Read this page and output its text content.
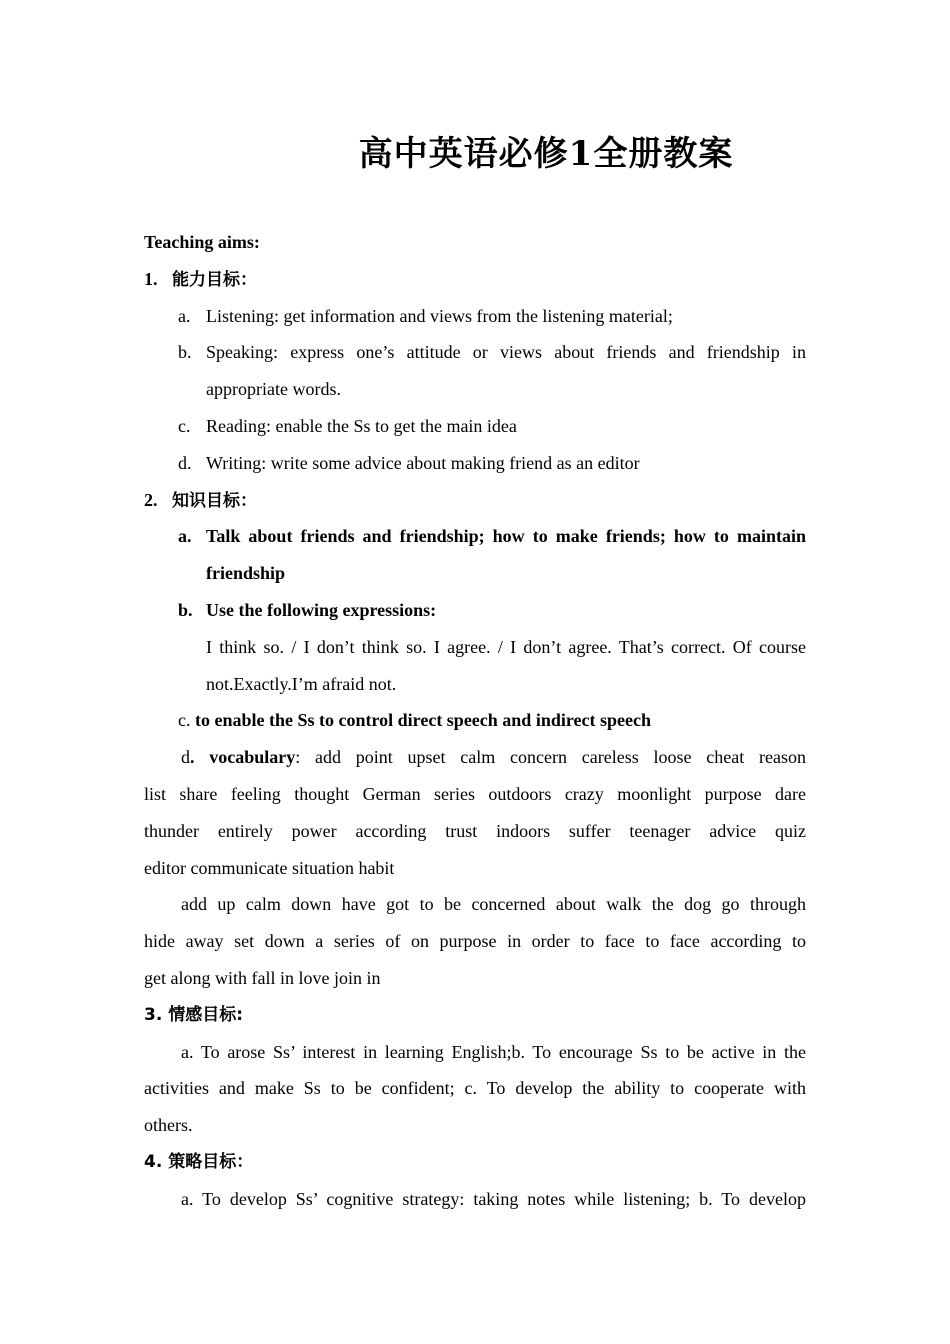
高中英语必修1全册教案
Teaching aims:
1. 能力目标：
a. Listening: get information and views from the listening material;
b. Speaking: express one’s attitude or views about friends and friendship in
appropriate words.
c. Reading: enable the Ss to get the main idea
d. Writing: write some advice about making friend as an editor
2. 知识目标：
a. Talk about friends and friendship; how to make friends; how to maintain
friendship
b. Use the following expressions:
I think so. / I don’t think so. I agree. / I don’t agree. That’s correct. Of course
not.Exactly.I’m afraid not.
c. to enable the Ss to control direct speech and indirect speech
d. vocabulary: add point upset calm concern careless loose cheat reason
list share feeling thought German series outdoors crazy moonlight purpose dare
thunder entirely power according trust indoors suffer teenager advice quiz
editor communicate situation habit
add up calm down have got to be concerned about walk the dog go through
hide away set down a series of on purpose in order to face to face according to
get along with fall in love join in
3. 情感目标:
a. To arose Ss’ interest in learning English;b. To encourage Ss to be active in the
activities and make Ss to be confident; c. To develop the ability to cooperate with
others.
4. 策略目标：
a. To develop Ss’ cognitive strategy: taking notes while listening; b. To develop
